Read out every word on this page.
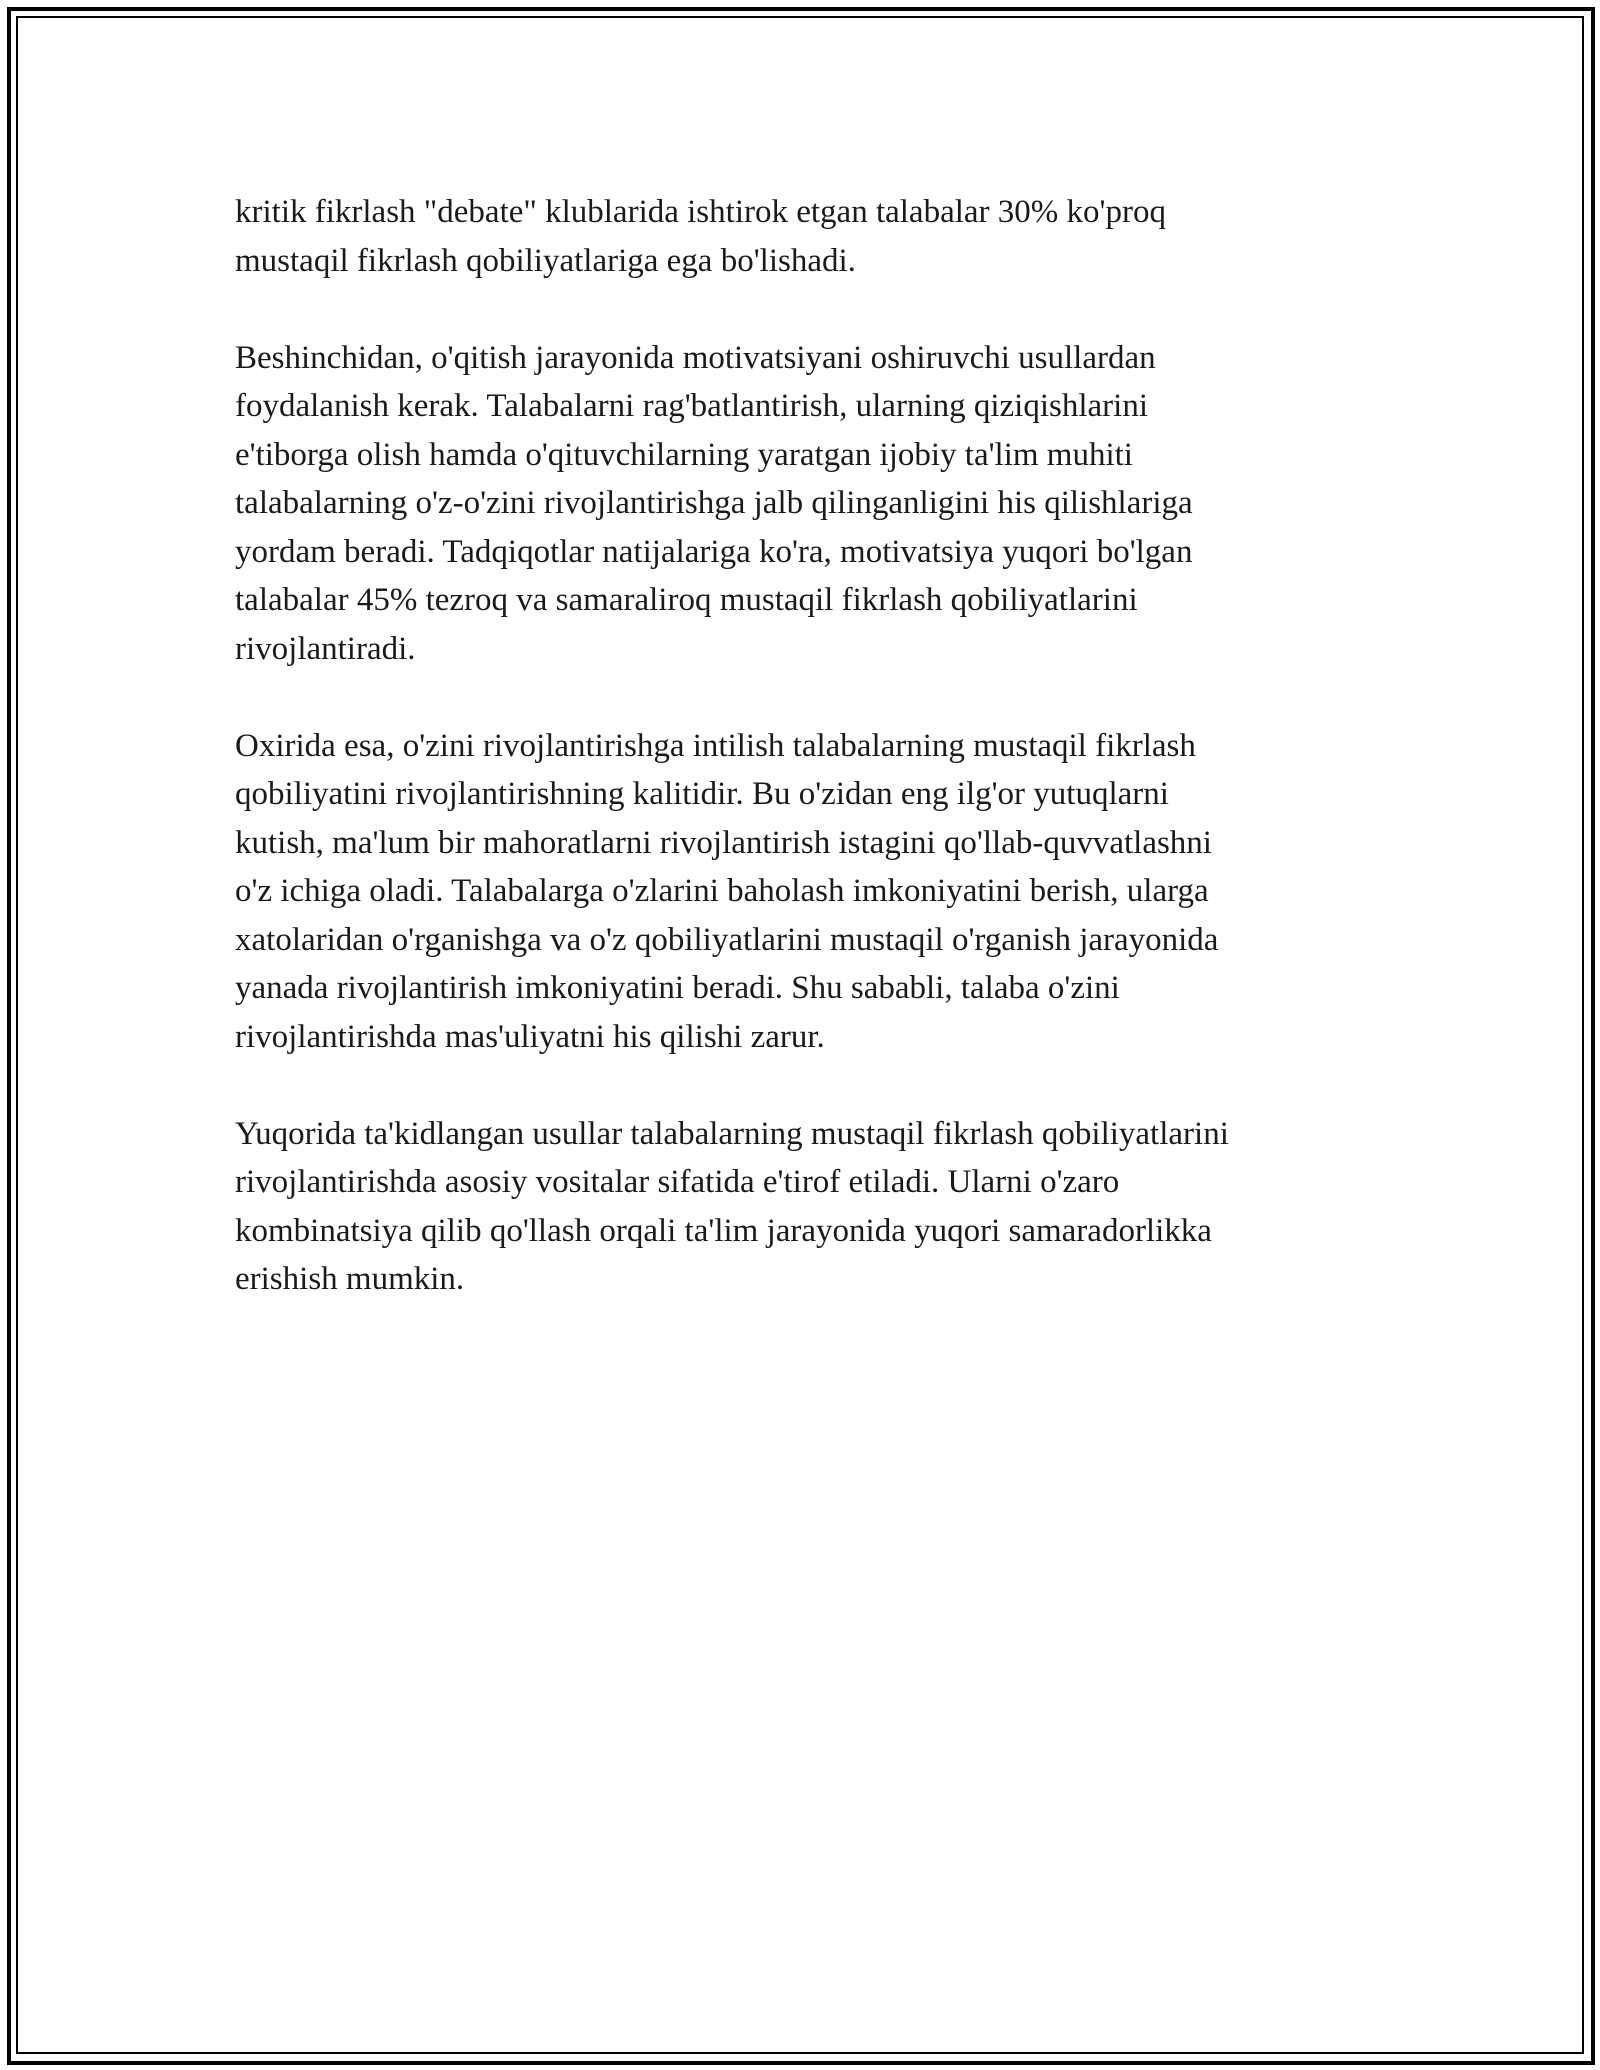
kritik fikrlash "debate" klublarida ishtirok etgan talabalar 30% ko'proq
mustaqil fikrlash qobiliyatlariga ega bo'lishadi.
Beshinchidan, o'qitish jarayonida motivatsiyani oshiruvchi usullardan
foydalanish kerak. Talabalarni rag'batlantirish, ularning qiziqishlarini
e'tiborga olish hamda o'qituvchilarning yaratgan ijobiy ta'lim muhiti
talabalarning o'z-o'zini rivojlantirishga jalb qilinganligini his qilishlariga
yordam beradi. Tadqiqotlar natijalariga ko'ra, motivatsiya yuqori bo'lgan
talabalar 45% tezroq va samaraliroq mustaqil fikrlash qobiliyatlarini
rivojlantiradi.
Oxirida esa, o'zini rivojlantirishga intilish talabalarning mustaqil fikrlash
qobiliyatini rivojlantirishning kalitidir. Bu o'zidan eng ilg'or yutuqlarni
kutish, ma'lum bir mahoratlarni rivojlantirish istagini qo'llab-quvvatlashni
o'z ichiga oladi. Talabalarga o'zlarini baholash imkoniyatini berish, ularga
xatolaridan o'rganishga va o'z qobiliyatlarini mustaqil o'rganish jarayonida
yanada rivojlantirish imkoniyatini beradi. Shu sababli, talaba o'zini
rivojlantirishda mas'uliyatni his qilishi zarur.
Yuqorida ta'kidlangan usullar talabalarning mustaqil fikrlash qobiliyatlarini
rivojlantirishda asosiy vositalar sifatida e'tirof etiladi. Ularni o'zaro
kombinatsiya qilib qo'llash orqali ta'lim jarayonida yuqori samaradorlikka
erishish mumkin.
